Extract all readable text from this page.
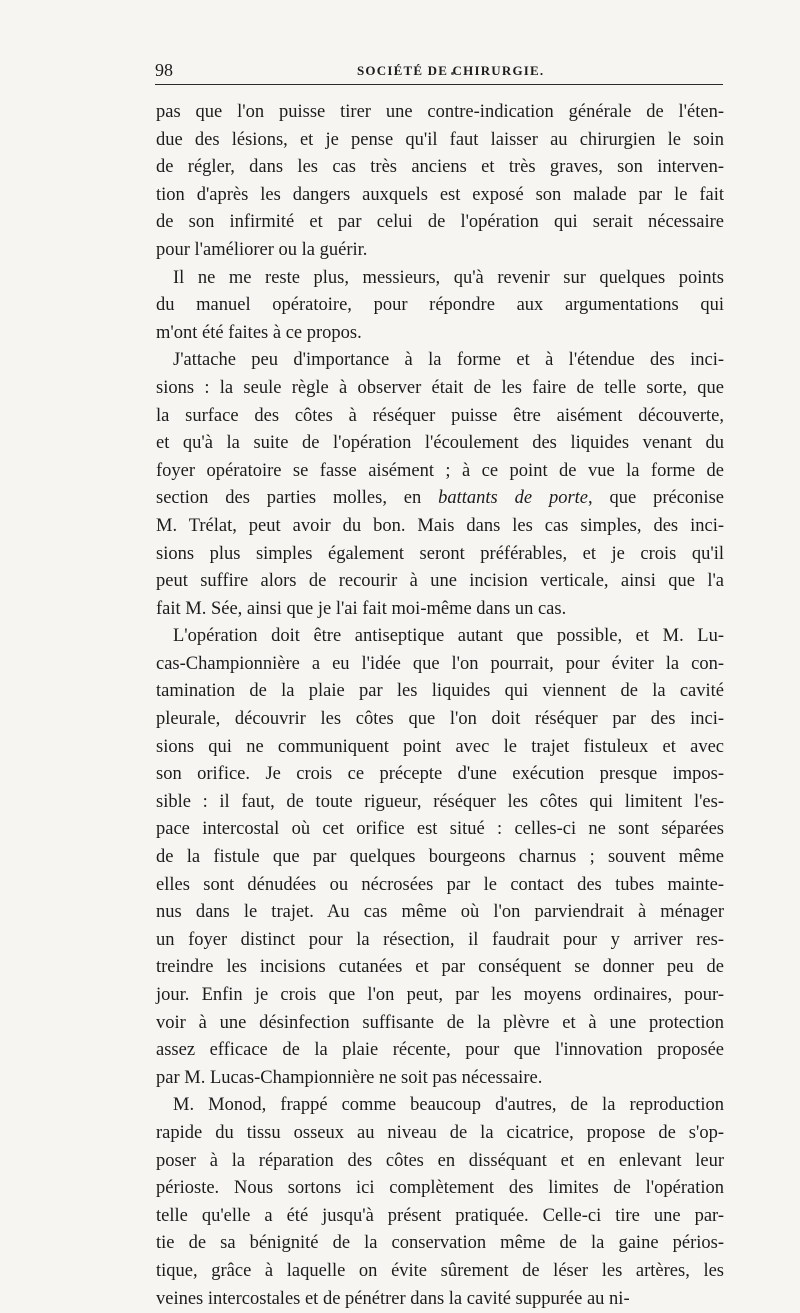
98	SOCIÉTÉ DE CHIRURGIE.

pas que l'on puisse tirer une contre-indication générale de l'éten-
due des lésions, et je pense qu'il faut laisser au chirurgien le soin
de régler, dans les cas très anciens et très graves, son interven-
tion d'après les dangers auxquels est exposé son malade par le fait
de son infirmité et par celui de l'opération qui serait nécessaire
pour l'améliorer ou la guérir.

Il ne me reste plus, messieurs, qu'à revenir sur quelques points
du manuel opératoire, pour répondre aux argumentations qui
m'ont été faites à ce propos.

J'attache peu d'importance à la forme et à l'étendue des inci-
sions : la seule règle à observer était de les faire de telle sorte, que
la surface des côtes à réséquer puisse être aisément découverte,
et qu'à la suite de l'opération l'écoulement des liquides venant du
foyer opératoire se fasse aisément ; à ce point de vue la forme de
section des parties molles, en battants de porte, que préconise
M. Trélat, peut avoir du bon. Mais dans les cas simples, des inci-
sions plus simples également seront préférables, et je crois qu'il
peut suffire alors de recourir à une incision verticale, ainsi que l'a
fait M. Sée, ainsi que je l'ai fait moi-même dans un cas.

L'opération doit être antiseptique autant que possible, et M. Lu-
cas-Championnière a eu l'idée que l'on pourrait, pour éviter la con-
tamination de la plaie par les liquides qui viennent de la cavité
pleurale, découvrir les côtes que l'on doit réséquer par des inci-
sions qui ne communiquent point avec le trajet fistuleux et avec
son orifice. Je crois ce précepte d'une exécution presque impos-
sible : il faut, de toute rigueur, réséquer les côtes qui limitent l'es-
pace intercostal où cet orifice est situé : celles-ci ne sont séparées
de la fistule que par quelques bourgeons charnus ; souvent même
elles sont dénudées ou nécrosées par le contact des tubes mainte-
nus dans le trajet. Au cas même où l'on parviendrait à ménager
un foyer distinct pour la résection, il faudrait pour y arriver res-
treindre les incisions cutanées et par conséquent se donner peu de
jour. Enfin je crois que l'on peut, par les moyens ordinaires, pour-
voir à une désinfection suffisante de la plèvre et à une protection
assez efficace de la plaie récente, pour que l'innovation proposée
par M. Lucas-Championnière ne soit pas nécessaire.

M. Monod, frappé comme beaucoup d'autres, de la reproduction
rapide du tissu osseux au niveau de la cicatrice, propose de s'op-
poser à la réparation des côtes en disséquant et en enlevant leur
périoste. Nous sortons ici complètement des limites de l'opération
telle qu'elle a été jusqu'à présent pratiquée. Celle-ci tire une par-
tie de sa bénignité de la conservation même de la gaine périos-
tique, grâce à laquelle on évite sûrement de léser les artères, les
veines intercostales et de pénétrer dans la cavité suppurée au ni-
